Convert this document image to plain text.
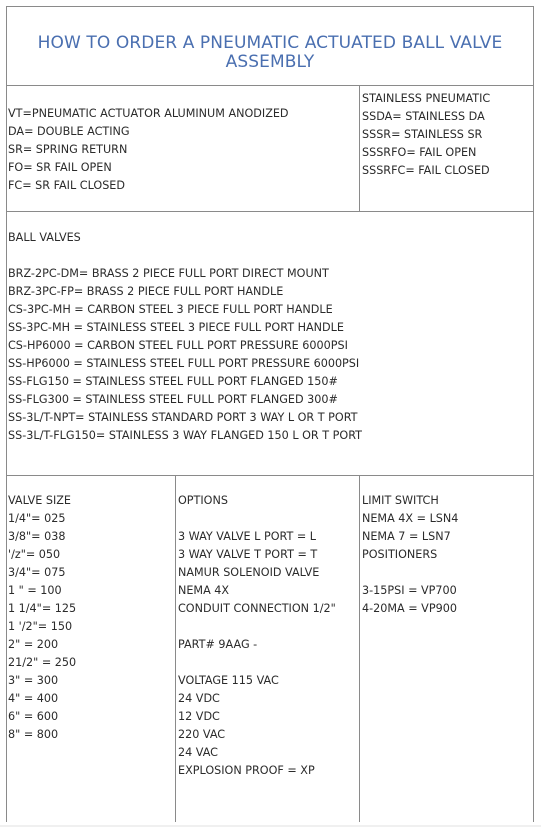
HOW TO ORDER A PNEUMATIC ACTUATED BALL VALVE
ASSEMBLY
VT=PNEUMATIC ACTUATOR ALUMINUM ANODIZED
DA= DOUBLE ACTING
SR= SPRING RETURN
FO= SR FAIL OPEN
FC= SR FAIL CLOSED
STAINLESS PNEUMATIC
SSDA= STAINLESS DA
SSSR= STAINLESS SR
SSSRFO= FAIL OPEN
SSSRFC= FAIL CLOSED
BALL VALVES
BRZ-2PC-DM= BRASS 2 PIECE FULL PORT DIRECT MOUNT
BRZ-3PC-FP= BRASS 2 PIECE FULL PORT HANDLE
CS-3PC-MH = CARBON STEEL 3 PIECE FULL PORT HANDLE
SS-3PC-MH = STAINLESS STEEL 3 PIECE FULL PORT HANDLE
CS-HP6000 = CARBON STEEL FULL PORT PRESSURE 6000PSI
SS-HP6000 = STAINLESS STEEL FULL PORT PRESSURE 6000PSI
SS-FLG150 = STAINLESS STEEL FULL PORT FLANGED 150#
SS-FLG300 = STAINLESS STEEL FULL PORT FLANGED 300#
SS-3L/T-NPT= STAINLESS STANDARD PORT 3 WAY L OR T PORT
SS-3L/T-FLG150= STAINLESS 3 WAY FLANGED 150 L OR T PORT
VALVE SIZE
1/4"= 025
3/8"= 038
'/z"= 050
3/4"= 075
1 " = 100
1 1/4"= 125
1 '/2"= 150
2" = 200
21/2" = 250
3" = 300
4" = 400
6" = 600
8" = 800
OPTIONS
3 WAY VALVE L PORT = L
3 WAY VALVE T PORT = T
NAMUR SOLENOID VALVE
NEMA 4X
CONDUIT CONNECTION 1/2"
PART# 9AAG -
VOLTAGE 115 VAC
24 VDC
12 VDC
220 VAC
24 VAC
EXPLOSION PROOF = XP
LIMIT SWITCH
NEMA 4X = LSN4
NEMA 7 = LSN7
POSITIONERS
3-15PSI = VP700
4-20MA = VP900
